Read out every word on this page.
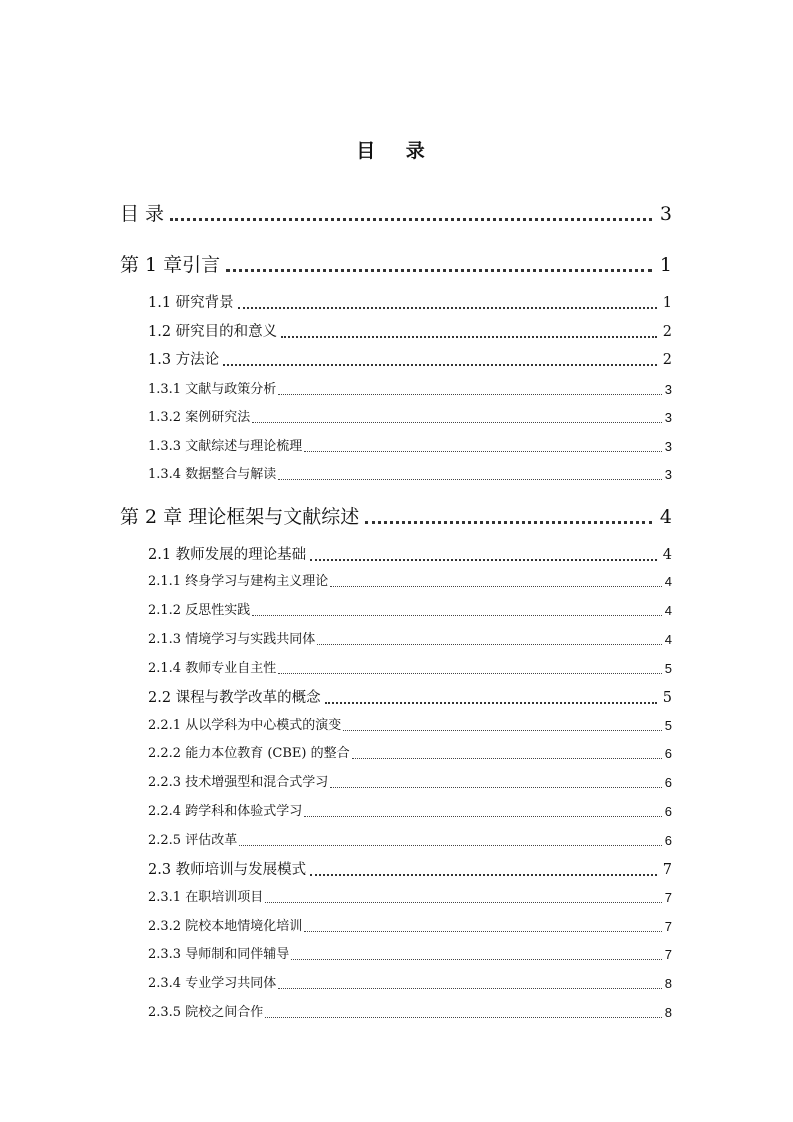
目 录
目 录	3
第 1 章引言	1
1.1 研究背景	1
1.2 研究目的和意义	2
1.3 方法论	2
1.3.1 文献与政策分析	3
1.3.2 案例研究法	3
1.3.3 文献综述与理论梳理	3
1.3.4 数据整合与解读	3
第 2 章 理论框架与文献综述	4
2.1 教师发展的理论基础	4
2.1.1 终身学习与建构主义理论	4
2.1.2 反思性实践	4
2.1.3 情境学习与实践共同体	4
2.1.4 教师专业自主性	5
2.2 课程与教学改革的概念	5
2.2.1 从以学科为中心模式的演变	5
2.2.2 能力本位教育 (CBE) 的整合	6
2.2.3 技术增强型和混合式学习	6
2.2.4 跨学科和体验式学习	6
2.2.5 评估改革	6
2.3 教师培训与发展模式	7
2.3.1 在职培训项目	7
2.3.2 院校本地情境化培训	7
2.3.3 导师制和同伴辅导	7
2.3.4 专业学习共同体	8
2.3.5 院校之间合作	8
